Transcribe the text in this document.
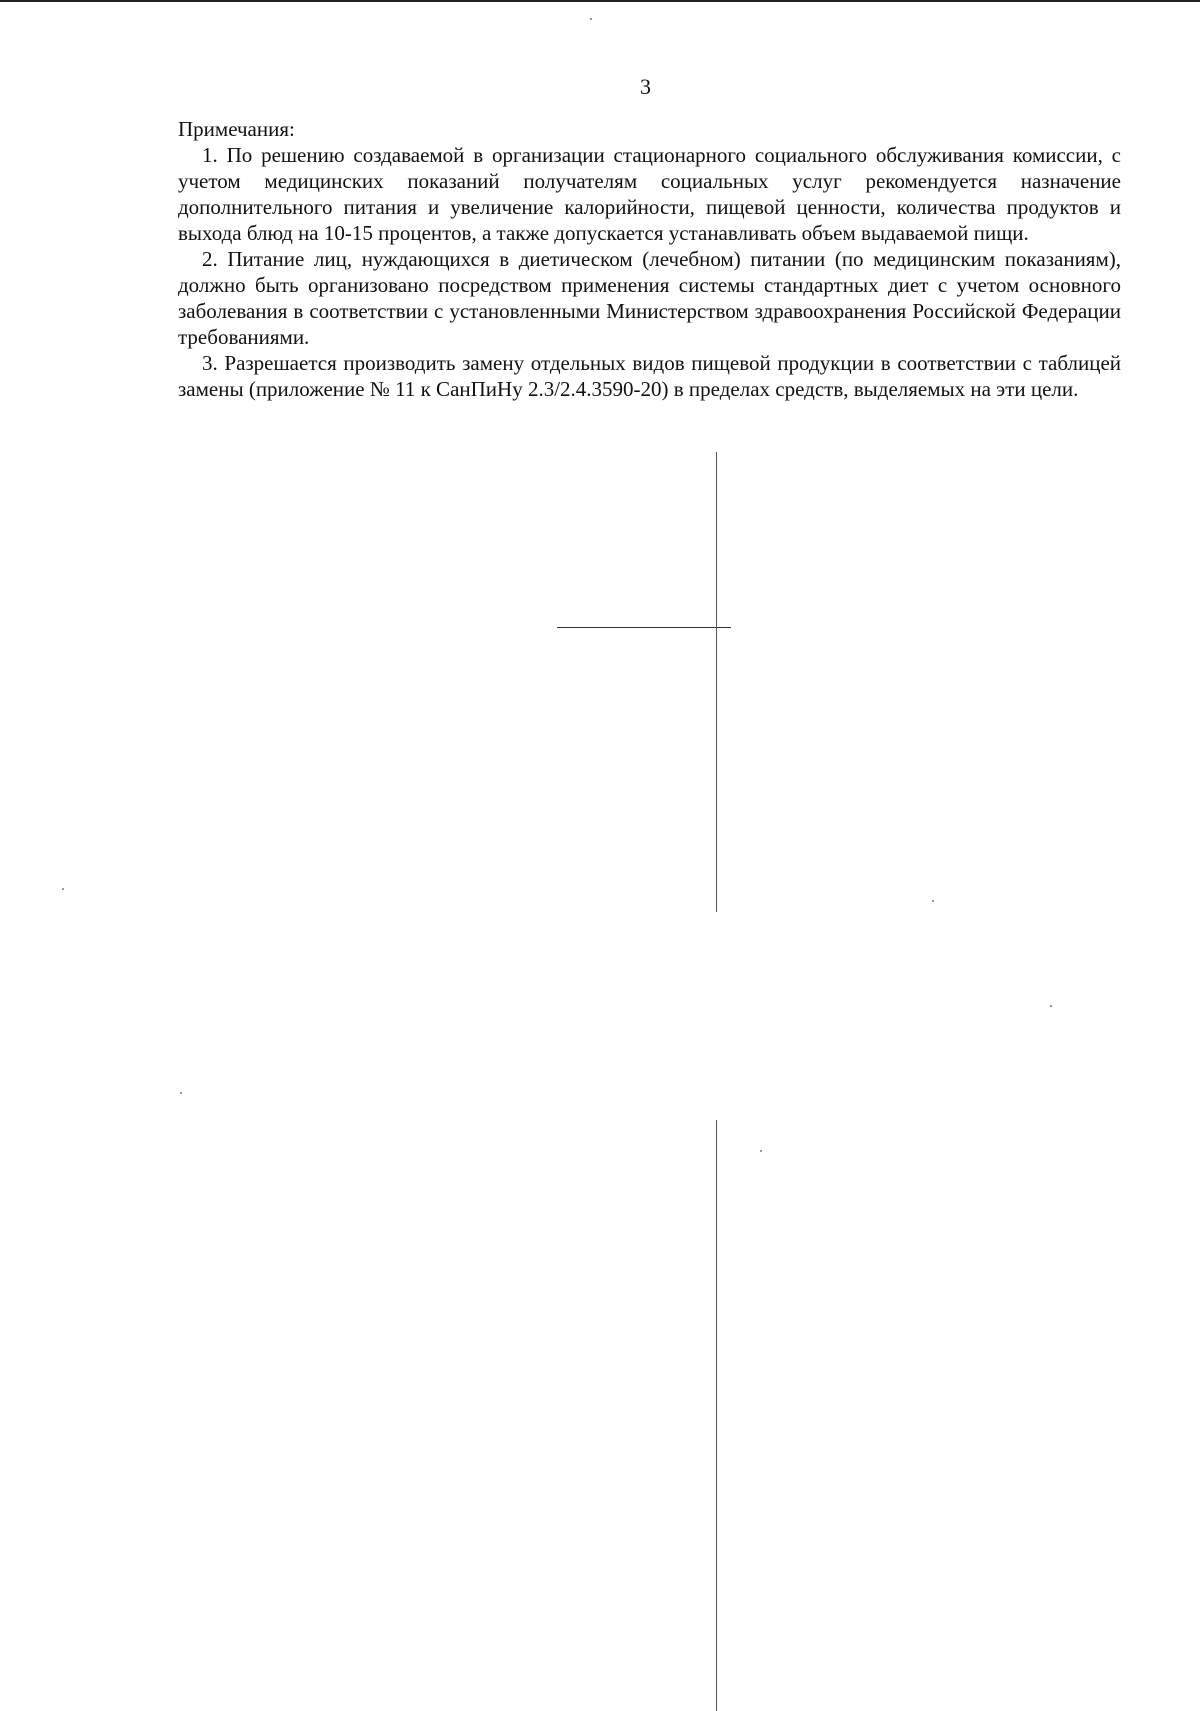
3

Примечания:

1. По решению создаваемой в организации стационарного социального обслуживания комиссии, с учетом медицинских показаний получателям социальных услуг рекомендуется назначение дополнительного питания и увеличение калорийности, пищевой ценности, количества продуктов и выхода блюд на 10-15 процентов, а также допускается устанавливать объем выдаваемой пищи.

2. Питание лиц, нуждающихся в диетическом (лечебном) питании (по медицинским показаниям), должно быть организовано посредством применения системы стандартных диет с учетом основного заболевания в соответствии с установленными Министерством здравоохранения Российской Федерации требованиями.

3. Разрешается производить замену отдельных видов пищевой продукции в соответствии с таблицей замены (приложение № 11 к СанПиНу 2.3/2.4.3590-20) в пределах средств, выделяемых на эти цели.
